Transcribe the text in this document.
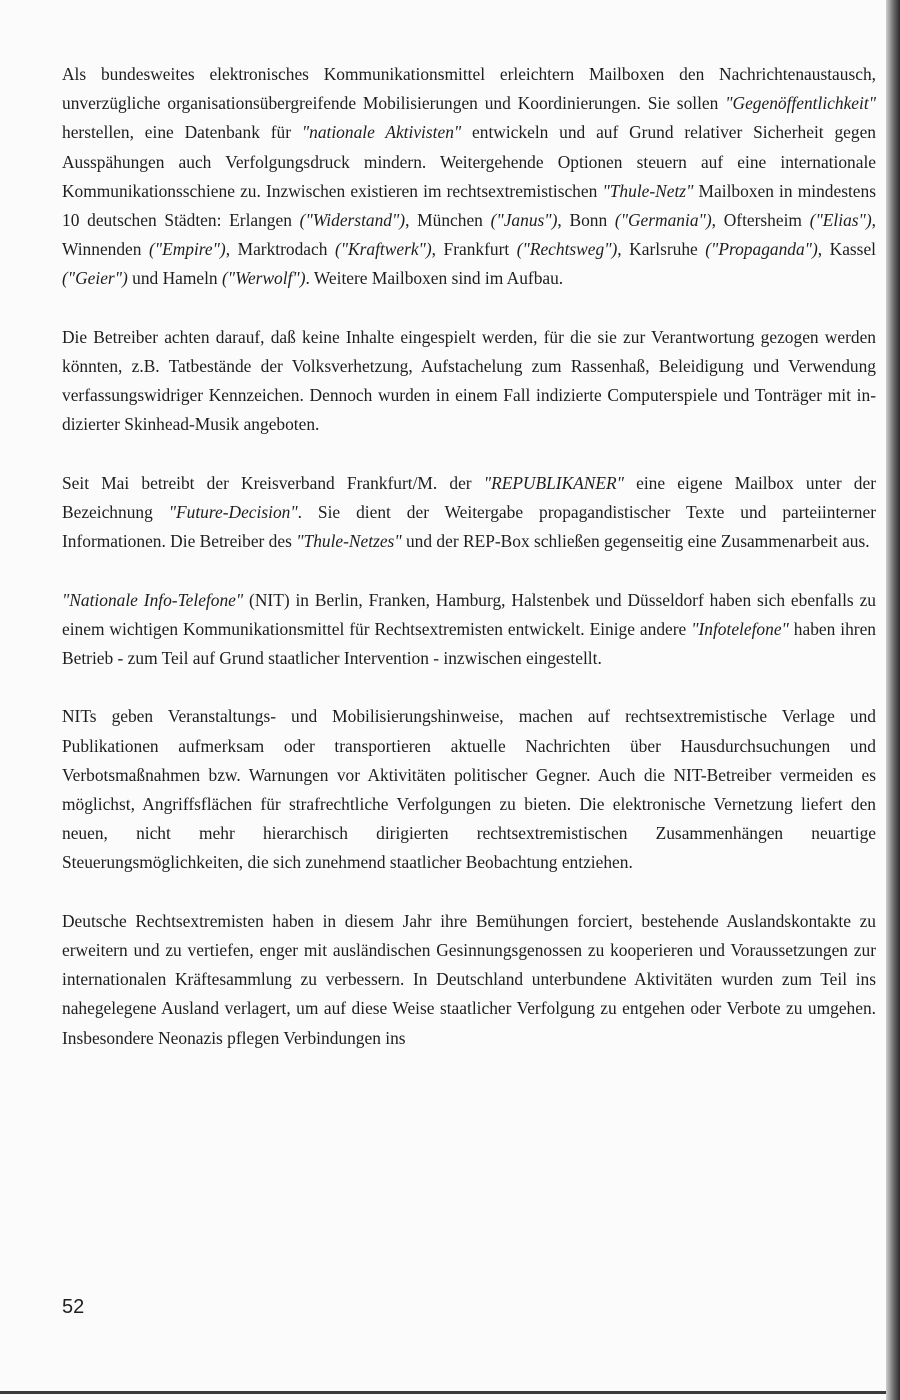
Als bundesweites elektronisches Kommunikationsmittel erleichtern Mailboxen den Nachrichtenaustausch, unverzügliche organisationsübergreifende Mobilisierungen und Koordinierungen. Sie sollen "Gegenöffentlichkeit" herstellen, eine Datenbank für "nationale Aktivisten" entwickeln und auf Grund relativer Sicherheit gegen Ausspähungen auch Verfolgungsdruck mindern. Weitergehende Optionen steuern auf eine internationale Kommunikationsschiene zu. Inzwischen existieren im rechtsextremistischen "Thule-Netz" Mailboxen in mindestens 10 deutschen Städten: Erlangen ("Widerstand"), München ("Janus"), Bonn ("Germania"), Oftersheim ("Elias"), Winnenden ("Empire"), Marktrodach ("Kraftwerk"), Frankfurt ("Rechtsweg"), Karlsruhe ("Propaganda"), Kassel ("Geier") und Hameln ("Werwolf"). Weitere Mailboxen sind im Aufbau.

Die Betreiber achten darauf, daß keine Inhalte eingespielt werden, für die sie zur Verantwortung gezogen werden könnten, z.B. Tatbestände der Volksverhetzung, Aufstachelung zum Rassenhaß, Beleidigung und Verwendung verfassungswidriger Kennzeichen. Dennoch wurden in einem Fall indizierte Computerspiele und Tonträger mit indizierter Skinhead-Musik angeboten.

Seit Mai betreibt der Kreisverband Frankfurt/M. der "REPUBLIKANER" eine eigene Mailbox unter der Bezeichnung "Future-Decision". Sie dient der Weitergabe propagandistischer Texte und parteiinterner Informationen. Die Betreiber des "Thule-Netzes" und der REP-Box schließen gegenseitig eine Zusammenarbeit aus.

"Nationale Info-Telefone" (NIT) in Berlin, Franken, Hamburg, Halstenbek und Düsseldorf haben sich ebenfalls zu einem wichtigen Kommunikationsmittel für Rechtsextremisten entwickelt. Einige andere "Infotelefone" haben ihren Betrieb - zum Teil auf Grund staatlicher Intervention - inzwischen eingestellt.

NITs geben Veranstaltungs- und Mobilisierungshinweise, machen auf rechtsextremistische Verlage und Publikationen aufmerksam oder transportieren aktuelle Nachrichten über Hausdurchsuchungen und Verbotsmaßnahmen bzw. Warnungen vor Aktivitäten politischer Gegner. Auch die NIT-Betreiber vermeiden es möglichst, Angriffsflächen für strafrechtliche Verfolgungen zu bieten. Die elektronische Vernetzung liefert den neuen, nicht mehr hierarchisch dirigierten rechtsextremistischen Zusammenhängen neuartige Steuerungsmöglichkeiten, die sich zunehmend staatlicher Beobachtung entziehen.

Deutsche Rechtsextremisten haben in diesem Jahr ihre Bemühungen forciert, bestehende Auslandskontakte zu erweitern und zu vertiefen, enger mit ausländischen Gesinnungsgenossen zu kooperieren und Voraussetzungen zur internationalen Kräftesammlung zu verbessern. In Deutschland unterbundene Aktivitäten wurden zum Teil ins nahegelegene Ausland verlagert, um auf diese Weise staatlicher Verfolgung zu entgehen oder Verbote zu umgehen. Insbesondere Neonazis pflegen Verbindungen ins

52
